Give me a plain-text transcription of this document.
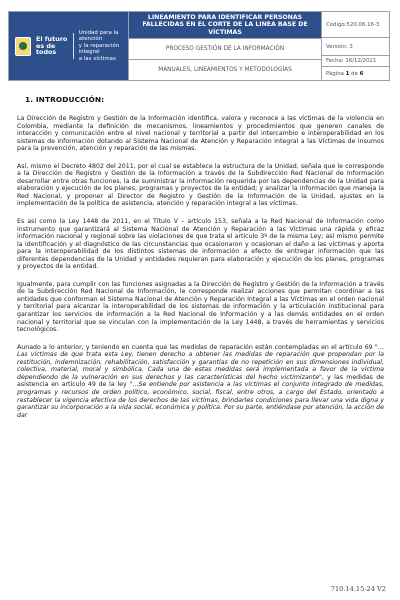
El futuro
es de todos
Unidad para la atención
y la reparación integral
a las víctimas
LINEAMIENTO PARA IDENTIFICAR PERSONAS FALLECIDAS EN EL CORTE DE LA LINEA BASE DE VÍCTIMAS
PROCESO GESTIÓN DE LA INFORMACIÓN
MANUALES, LINEAMIENTOS Y METODOLOGÍAS
Código:520.06.16-3
Versión: 3
Fecha: 16/12/2021
Página
1
de
6
1. INTRODUCCIÓN:

La Dirección de Registro y Gestión de la Información identifica, valora y reconoce a las víctimas de la violencia en Colombia, mediante la definición de mecanismos, lineamientos y procedimientos que generen canales de interacción y comunicación entre el nivel nacional y territorial a partir del intercambio e interoperabilidad en los sistemas de información dotando al Sistema Nacional de Atención y Reparación Integral a las Víctimas de insumos para la prevención, atención y reparación de las mismas.

Así, mismo el Decreto 4802 del 2011, por el cual se establece la estructura de la Unidad, señala que le corresponde a la Dirección de Registro y Gestión de la Información a través de la Subdirección Red Nacional de Información desarrollar entre otras funciones, la de suministrar la información requerida por las dependencias de la Unidad para elaboración y ejecución de los planes, programas y proyectos de la entidad; y analizar la información que maneja la Red Nacional, y proponer al Director de Registro y Gestión de la Información de la Unidad, ajustes en la implementación de la política de asistencia, atención y reparación integral a las víctimas.

Es así como la Ley 1448 de 2011, en el Título V – artículo 153, señala a la Red Nacional de Información como instrumento que garantizará al Sistema Nacional de Atención y Reparación a las Víctimas una rápida y eficaz información nacional y regional sobre las violaciones de que trata el artículo 3º de la misma Ley; así mismo permite la identificación y el diagnóstico de las circunstancias que ocasionaron y ocasionan el daño a las víctimas y aporta para la interoperabilidad de los distintos sistemas de información a efecto de entregar información que las diferentes dependencias de la Unidad y entidades requieran para elaboración y ejecución de los planes, programas y proyectos de la entidad.

Igualmente, para cumplir con las funciones asignadas a la Dirección de Registro y Gestión de la Información a través de la Subdirección Red Nacional de Información, le corresponde realizar acciones que permitan coordinar a las entidades que conforman el Sistema Nacional de Atención y Reparación Integral a las Víctimas en el orden nacional y territorial para alcanzar la interoperabilidad de los sistemas de información y la articulación institucional para garantizar los servicios de información a la Red Nacional de Información y a las demás entidades en el orden nacional y territorial que se vinculan con la implementación de la Ley 1448, a través de herramientas y servicios tecnológicos.

Aunado a lo anterior, y teniendo en cuenta que las medidas de reparación están contempladas en el artículo 69 "… Las víctimas de que trata esta Ley, tienen derecho a obtener las medidas de reparación que propendan por la restitución, indemnización, rehabilitación, satisfacción y garantías de no repetición en sus dimensiones individual, colectiva, material, moral y simbólica. Cada una de estas medidas será implementada a favor de la víctima dependiendo de la vulneración en sus derechos y las características del hecho victimizante", y las medidas de asistencia en artículo 49 de la ley "…Se entiende por asistencia a las víctimas el conjunto integrado de medidas, programas y recursos de orden político, económico, social, fiscal, entre otros, a cargo del Estado, orientado a restablecer la vigencia efectiva de los derechos de las víctimas, brindarles condiciones para llevar una vida digna y garantizar su incorporación a la vida social, económica y política. Por su parte, entiéndase por atención, la acción de dar

710.14.15-24 V2
